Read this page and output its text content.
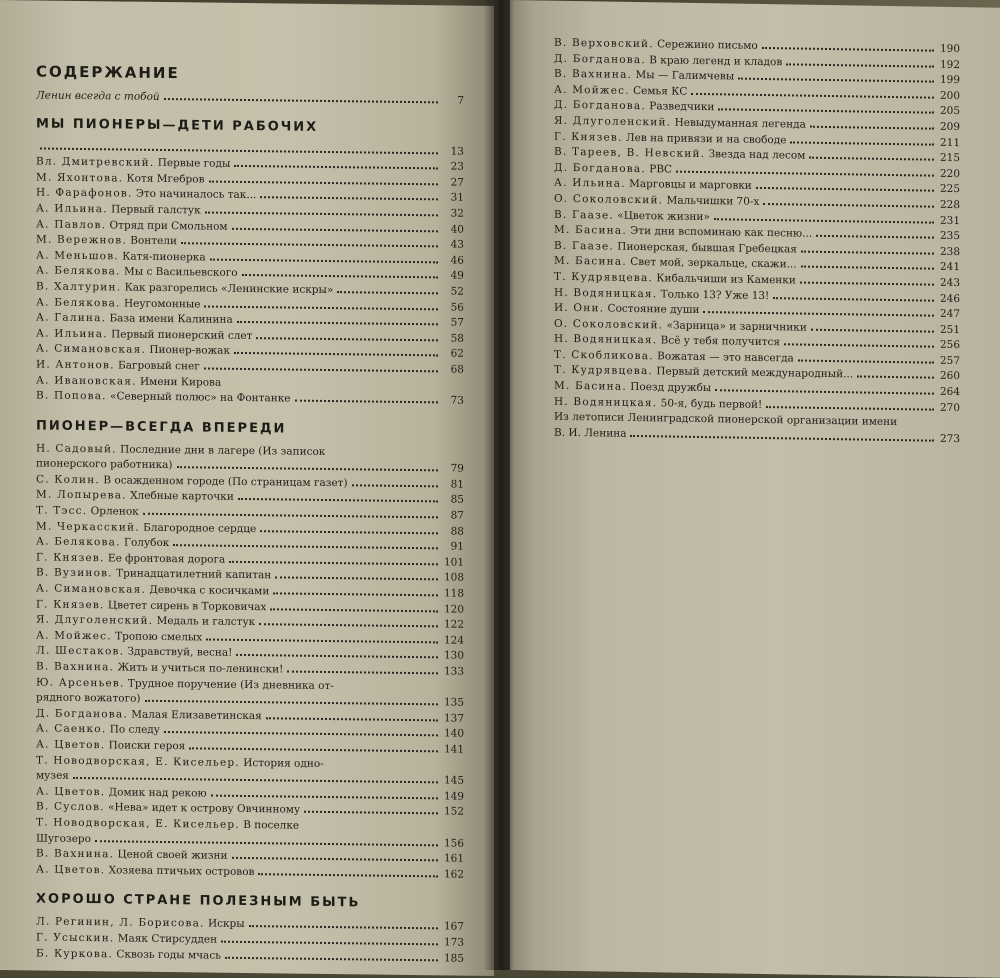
СОДЕРЖАНИЕ
Ленин всегда с тобой	7
МЫ ПИОНЕРЫ—ДЕТИ РАБОЧИХ
13
Вл. Дмитревский. Первые годы	23
М. Яхонтова. Котя Мгебров	27
Н. Фарафонов. Это начиналось так...	31
А. Ильина. Первый галстук	32
А. Павлов. Отряд при Смольном	40
М. Вережнов. Вонтели	43
А. Меньшов. Катя-пионерка	46
А. Белякова. Мы с Васильевского	49
В. Халтурин. Как разгорелись «Ленинские искры»	52
А. Белякова. Неугомонные	56
А. Галина. База имени Калинина	57
А. Ильина. Первый пионерский слет	58
А. Симановская. Пионер-вожак	62
И. Антонов. Багровый снег	68
А. Ивановская. Имени Кирова
В. Попова. «Северный полюс» на Фонтанке	73
ПИОНЕР—ВСЕГДА ВПЕРЕДИ
Н. Садовый. Последние дни в лагере (Из записок
пионерского работника)	79
С. Колин. В осажденном городе (По страницам газет)	81
М. Лопырева. Хлебные карточки	85
Т. Тэсс. Орленок	87
М. Черкасский. Благородное сердце	88
А. Белякова. Голубок	91
Г. Князев. Ее фронтовая дорога	101
В. Вузинов. Тринадцатилетний капитан	108
А. Симановская. Девочка с косичками	118
Г. Князев. Цветет сирень в Торковичах	120
Я. Длуголенский. Медаль и галстук	122
А. Мойжес. Тропою смелых	124
Л. Шестаков. Здравствуй, весна!	130
В. Вахнина. Жить и учиться по-ленински!	133
Ю. Арсеньев. Трудное поручение (Из дневника от-
рядного вожатого)	135
Д. Богданова. Малая Елизаветинская	137
А. Саенко. По следу	140
А. Цветов. Поиски героя	141
Т. Новодворская, Е. Кисельер. История одно-
музея	145
А. Цветов. Домик над рекою	149
В. Суслов. «Нева» идет к острову Овчинному	152
Т. Новодворская, Е. Кисельер. В поселке
Шугозеро	156
В. Вахнина. Ценой своей жизни	161
А. Цветов. Хозяева птичьих островов	162
ХОРОШО СТРАНЕ ПОЛЕЗНЫМ БЫТЬ
Л. Регинин, Л. Борисова. Искры	167
Г. Усыскин. Маяк Стирсудден	173
Б. Куркова. Сквозь годы мчась	185
В. Верховский. Сережино письмо	190
Д. Богданова. В краю легенд и кладов	192
В. Вахнина. Мы — Галимчевы	199
А. Мойжес. Семья КС	200
Д. Богданова. Разведчики	205
Я. Длуголенский. Невыдуманная легенда	209
Г. Князев. Лев на привязи и на свободе	211
В. Тареев, В. Невский. Звезда над лесом	215
Д. Богданова. РВС	220
А. Ильина. Марговцы и марговки	225
О. Соколовский. Мальчишки 70-х	228
В. Гаазе. «Цветок жизни»	231
М. Басина. Эти дни вспоминаю как песню...	235
В. Гаазе. Пионерская, бывшая Гребецкая	238
М. Басина. Свет мой, зеркальце, скажи...	241
Т. Кудрявцева. Кибальчиши из Каменки	243
Н. Водяницкая. Только 13? Уже 13!	246
И. Они. Состояние души	247
О. Соколовский. «Зарница» и зарничники	251
Н. Водяницкая. Всё у тебя получится	256
Т. Скобликова. Вожатая — это навсегда	257
Т. Кудрявцева. Первый детский международный...	260
М. Басина. Поезд дружбы	264
Н. Водяницкая. 50-я, будь первой!	270
Из летописи Ленинградской пионерской организации имени
В. И. Ленина	273
